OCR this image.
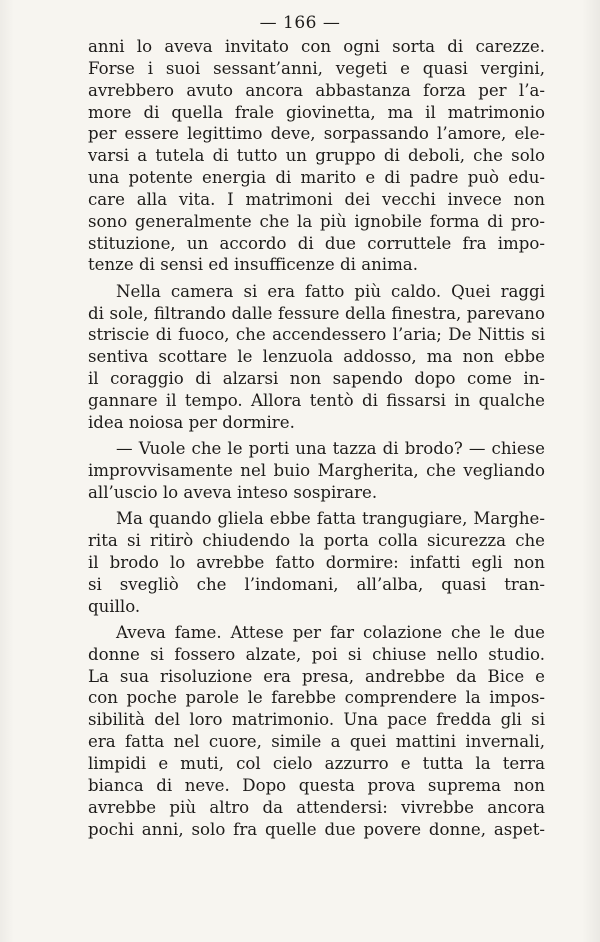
— 166 —
anni lo aveva invitato con ogni sorta di carezze.
Forse i suoi sessant’anni, vegeti e quasi vergini,
avrebbero avuto ancora abbastanza forza per l’a-
more di quella frale giovinetta, ma il matrimonio
per essere legittimo deve, sorpassando l’amore, ele-
varsi a tutela di tutto un gruppo di deboli, che solo
una potente energia di marito e di padre può edu-
care alla vita. I matrimoni dei vecchi invece non
sono generalmente che la più ignobile forma di pro-
stituzione, un accordo di due corruttele fra impo-
tenze di sensi ed insufficenze di anima.
Nella camera si era fatto più caldo. Quei raggi
di sole, filtrando dalle fessure della finestra, parevano
striscie di fuoco, che accendessero l’aria; De Nittis si
sentiva scottare le lenzuola addosso, ma non ebbe
il coraggio di alzarsi non sapendo dopo come in-
gannare il tempo. Allora tentò di fissarsi in qualche
idea noiosa per dormire.
— Vuole che le porti una tazza di brodo? — chiese
improvvisamente nel buio Margherita, che vegliando
all’uscio lo aveva inteso sospirare.
Ma quando gliela ebbe fatta trangugiare, Marghe-
rita si ritirò chiudendo la porta colla sicurezza che
il brodo lo avrebbe fatto dormire: infatti egli non
si svegliò che l’indomani, all’alba, quasi tran-
quillo.
Aveva fame. Attese per far colazione che le due
donne si fossero alzate, poi si chiuse nello studio.
La sua risoluzione era presa, andrebbe da Bice e
con poche parole le farebbe comprendere la impos-
sibilità del loro matrimonio. Una pace fredda gli si
era fatta nel cuore, simile a quei mattini invernali,
limpidi e muti, col cielo azzurro e tutta la terra
bianca di neve. Dopo questa prova suprema non
avrebbe più altro da attendersi: vivrebbe ancora
pochi anni, solo fra quelle due povere donne, aspet-
